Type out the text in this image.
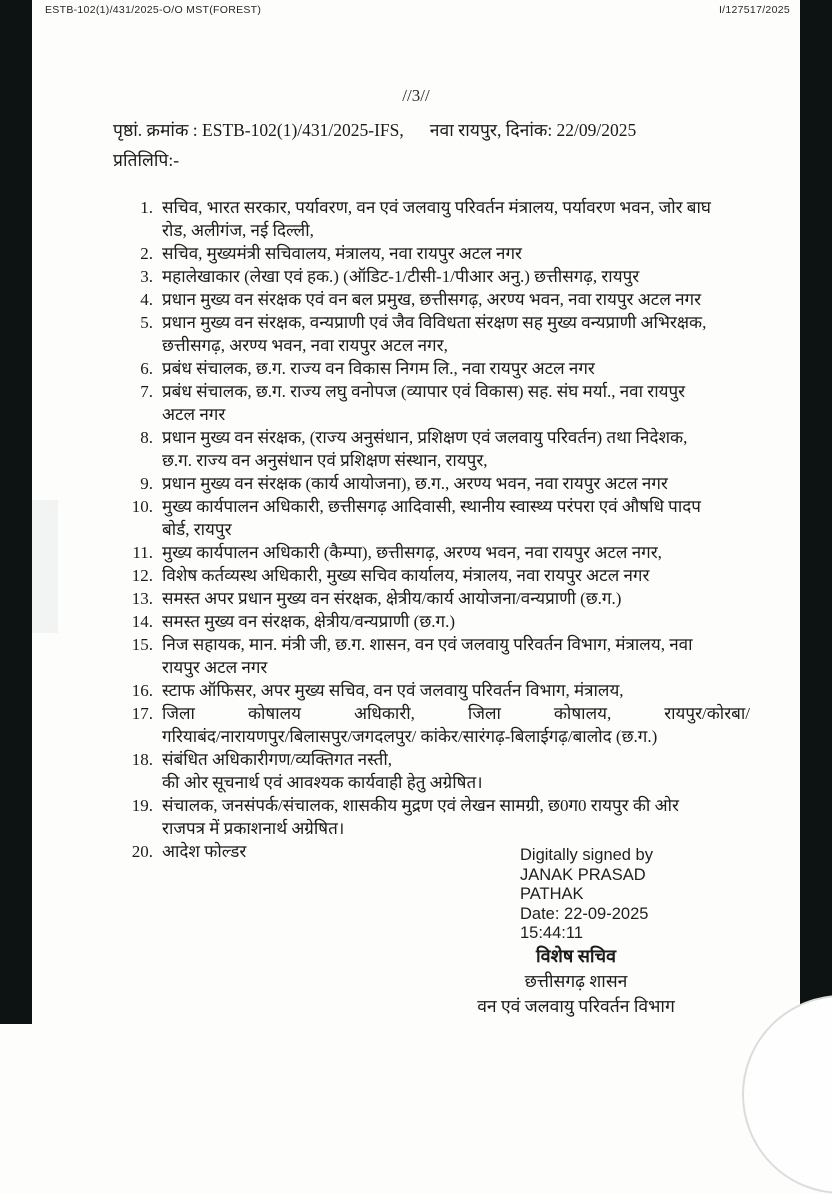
ESTB-102(1)/431/2025-O/O MST(FOREST)	I/127517/2025
//3//
पृष्ठां. क्रमांक : ESTB-102(1)/431/2025-IFS, नवा रायपुर, दिनांक: 22/09/2025
प्रतिलिपि:-
1. सचिव, भारत सरकार, पर्यावरण, वन एवं जलवायु परिवर्तन मंत्रालय, पर्यावरण भवन, जोर बाघ
रोड, अलीगंज, नई दिल्ली,
2. सचिव, मुख्यमंत्री सचिवालय, मंत्रालय, नवा रायपुर अटल नगर
3. महालेखाकार (लेखा एवं हक.) (ऑडिट-1/टीसी-1/पीआर अनु.) छत्तीसगढ़, रायपुर
4. प्रधान मुख्य वन संरक्षक एवं वन बल प्रमुख, छत्तीसगढ़, अरण्य भवन, नवा रायपुर अटल नगर
5. प्रधान मुख्य वन संरक्षक, वन्यप्राणी एवं जैव विविधता संरक्षण सह मुख्य वन्यप्राणी अभिरक्षक,
छत्तीसगढ़, अरण्य भवन, नवा रायपुर अटल नगर,
6. प्रबंध संचालक, छ.ग. राज्य वन विकास निगम लि., नवा रायपुर अटल नगर
7. प्रबंध संचालक, छ.ग. राज्य लघु वनोपज (व्यापार एवं विकास) सह. संघ मर्या., नवा रायपुर
अटल नगर
8. प्रधान मुख्य वन संरक्षक, (राज्य अनुसंधान, प्रशिक्षण एवं जलवायु परिवर्तन) तथा निदेशक,
छ.ग. राज्य वन अनुसंधान एवं प्रशिक्षण संस्थान, रायपुर,
9. प्रधान मुख्य वन संरक्षक (कार्य आयोजना), छ.ग., अरण्य भवन, नवा रायपुर अटल नगर
10. मुख्य कार्यपालन अधिकारी, छत्तीसगढ़ आदिवासी, स्थानीय स्वास्थ्य परंपरा एवं औषधि पादप
बोर्ड, रायपुर
11. मुख्य कार्यपालन अधिकारी (कैम्पा), छत्तीसगढ़, अरण्य भवन, नवा रायपुर अटल नगर,
12. विशेष कर्तव्यस्थ अधिकारी, मुख्य सचिव कार्यालय, मंत्रालय, नवा रायपुर अटल नगर
13. समस्त अपर प्रधान मुख्य वन संरक्षक, क्षेत्रीय/कार्य आयोजना/वन्यप्राणी (छ.ग.)
14. समस्त मुख्य वन संरक्षक, क्षेत्रीय/वन्यप्राणी (छ.ग.)
15. निज सहायक, मान. मंत्री जी, छ.ग. शासन, वन एवं जलवायु परिवर्तन विभाग, मंत्रालय, नवा
रायपुर अटल नगर
16. स्टाफ ऑफिसर, अपर मुख्य सचिव, वन एवं जलवायु परिवर्तन विभाग, मंत्रालय,
17. जिला कोषालय अधिकारी, जिला कोषालय, रायपुर/कोरबा/
गरियाबंद/नारायणपुर/बिलासपुर/जगदलपुर/ कांकेर/सारंगढ़-बिलाईगढ़/बालोद (छ.ग.)
18. संबंधित अधिकारीगण/व्यक्तिगत नस्ती,
की ओर सूचनार्थ एवं आवश्यक कार्यवाही हेतु अग्रेषित।
19. संचालक, जनसंपर्क/संचालक, शासकीय मुद्रण एवं लेखन सामग्री, छ0ग0 रायपुर की ओर
राजपत्र में प्रकाशनार्थ अग्रेषित।
20. आदेश फोल्डर	Digitally signed by
JANAK PRASAD PATHAK
Date: 22-09-2025
15:44:11
विशेष सचिव
छत्तीसगढ़ शासन
वन एवं जलवायु परिवर्तन विभाग
